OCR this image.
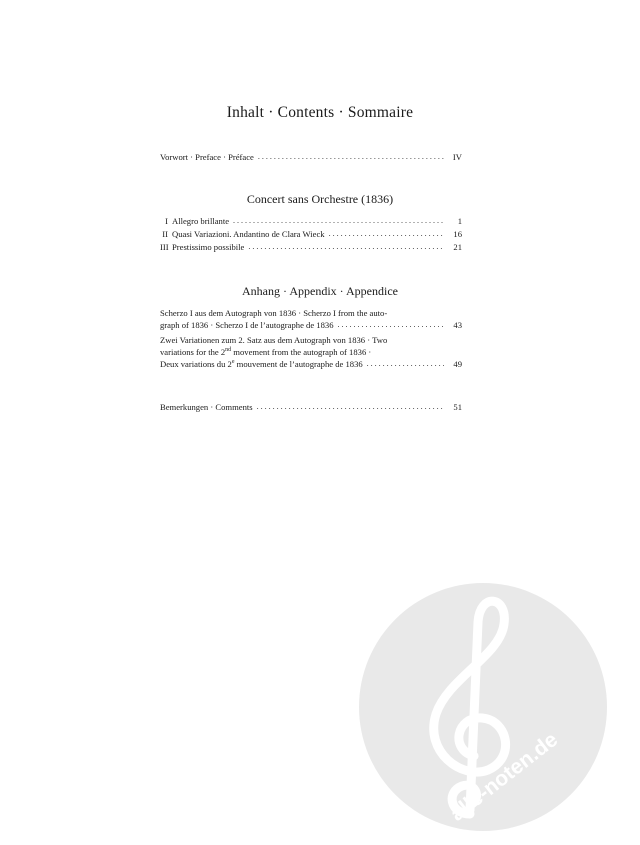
Inhalt · Contents · Sommaire
Vorwort · Preface · Préface . . .	IV
Concert sans Orchestre (1836)
I Allegro brillante . . .	1
II Quasi Variazioni. Andantino de Clara Wieck . . .	16
III Prestissimo possibile . . .	21
Anhang · Appendix · Appendice
Scherzo I aus dem Autograph von 1836 · Scherzo I from the auto-
graph of 1836 · Scherzo I de l’autographe de 1836 . . .	43
Zwei Variationen zum 2. Satz aus dem Autograph von 1836 · Two
variations for the 2nd movement from the autograph of 1836 ·
Deux variations du 2e mouvement de l’autographe de 1836 . . .	49
Bemerkungen · Comments . . .	51
alle-noten.de
